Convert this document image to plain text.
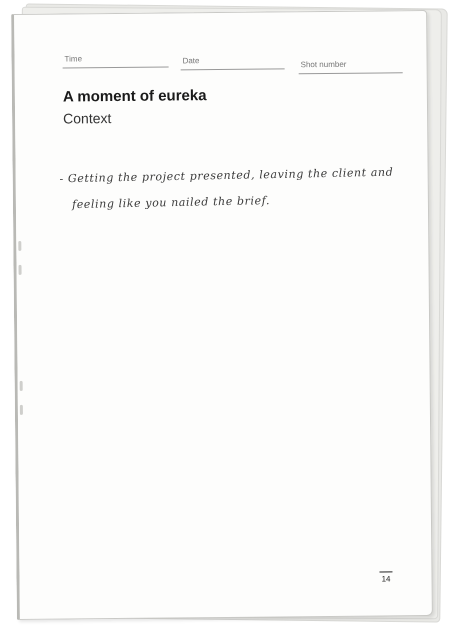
Time	Date	Shot number
A moment of eureka
Context
- Getting the project presented, leaving the client and
feeling like you nailed the brief.
14
